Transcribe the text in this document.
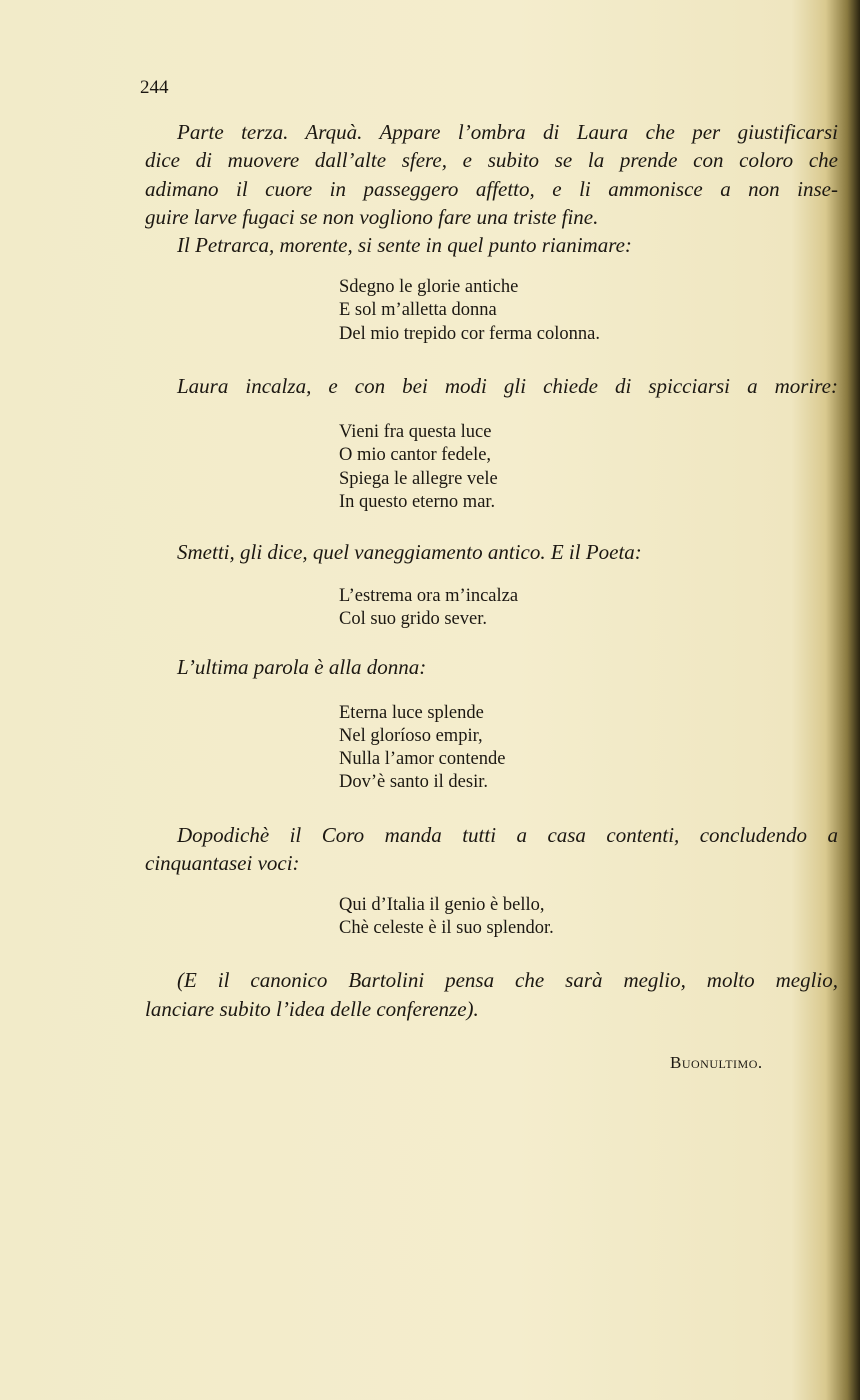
244
Parte terza. Arquà. Appare l’ombra di Laura che per giustificarsi
dice di muovere dall’alte sfere, e subito se la prende con coloro che
adimano il cuore in passeggero affetto, e li ammonisce a non inse-
guire larve fugaci se non vogliono fare una triste fine.
Il Petrarca, morente, si sente in quel punto rianimare:
Sdegno le glorie antiche
E sol m’alletta donna
Del mio trepido cor ferma colonna.
Laura incalza, e con bei modi gli chiede di spicciarsi a morire:
Vieni fra questa luce
O mio cantor fedele,
Spiega le allegre vele
In questo eterno mar.
Smetti, gli dice, quel vaneggiamento antico. E il Poeta:
L’estrema ora m’incalza
Col suo grido sever.
L’ultima parola è alla donna:
Eterna luce splende
Nel gloríoso empir,
Nulla l’amor contende
Dov’è santo il desir.
Dopodichè il Coro manda tutti a casa contenti, concludendo a
cinquantasei voci:
Qui d’Italia il genio è bello,
Chè celeste è il suo splendor.
(E il canonico Bartolini pensa che sarà meglio, molto meglio,
lanciare subito l’idea delle conferenze).
Buonultimo.
